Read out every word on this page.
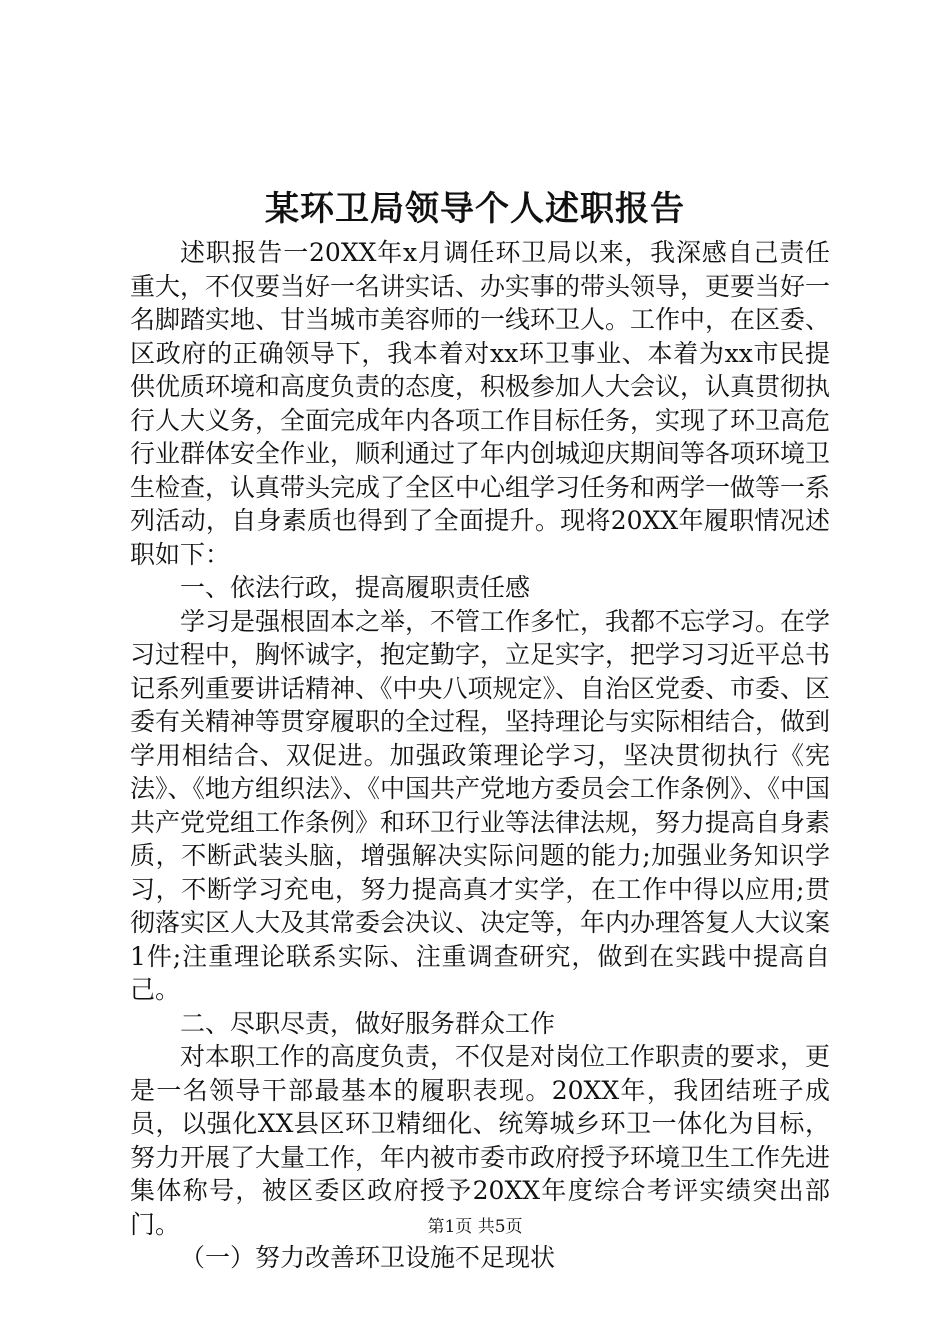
某环卫局领导个人述职报告

述职报告一20XX年x月调任环卫局以来，我深感自己责任重大，不仅要当好一名讲实话、办实事的带头领导，更要当好一名脚踏实地、甘当城市美容师的一线环卫人。工作中，在区委、区政府的正确领导下，我本着对xx环卫事业、本着为xx市民提供优质环境和高度负责的态度，积极参加人大会议，认真贯彻执行人大义务，全面完成年内各项工作目标任务，实现了环卫高危行业群体安全作业，顺利通过了年内创城迎庆期间等各项环境卫生检查，认真带头完成了全区中心组学习任务和两学一做等一系列活动，自身素质也得到了全面提升。现将20XX年履职情况述职如下：

一、依法行政，提高履职责任感

学习是强根固本之举，不管工作多忙，我都不忘学习。在学习过程中，胸怀诚字，抱定勤字，立足实字，把学习习近平总书记系列重要讲话精神、《中央八项规定》、自治区党委、市委、区委有关精神等贯穿履职的全过程，坚持理论与实际相结合，做到学用相结合、双促进。加强政策理论学习，坚决贯彻执行《宪法》、《地方组织法》、《中国共产党地方委员会工作条例》、《中国共产党党组工作条例》和环卫行业等法律法规，努力提高自身素质，不断武装头脑，增强解决实际问题的能力;加强业务知识学习，不断学习充电，努力提高真才实学，在工作中得以应用;贯彻落实区人大及其常委会决议、决定等，年内办理答复人大议案1件;注重理论联系实际、注重调查研究，做到在实践中提高自己。

二、尽职尽责，做好服务群众工作

对本职工作的高度负责，不仅是对岗位工作职责的要求，更是一名领导干部最基本的履职表现。20XX年，我团结班子成员，以强化XX县区环卫精细化、统筹城乡环卫一体化为目标，努力开展了大量工作，年内被市委市政府授予环境卫生工作先进集体称号，被区委区政府授予20XX年度综合考评实绩突出部门。

（一）努力改善环卫设施不足现状

第1页 共5页
